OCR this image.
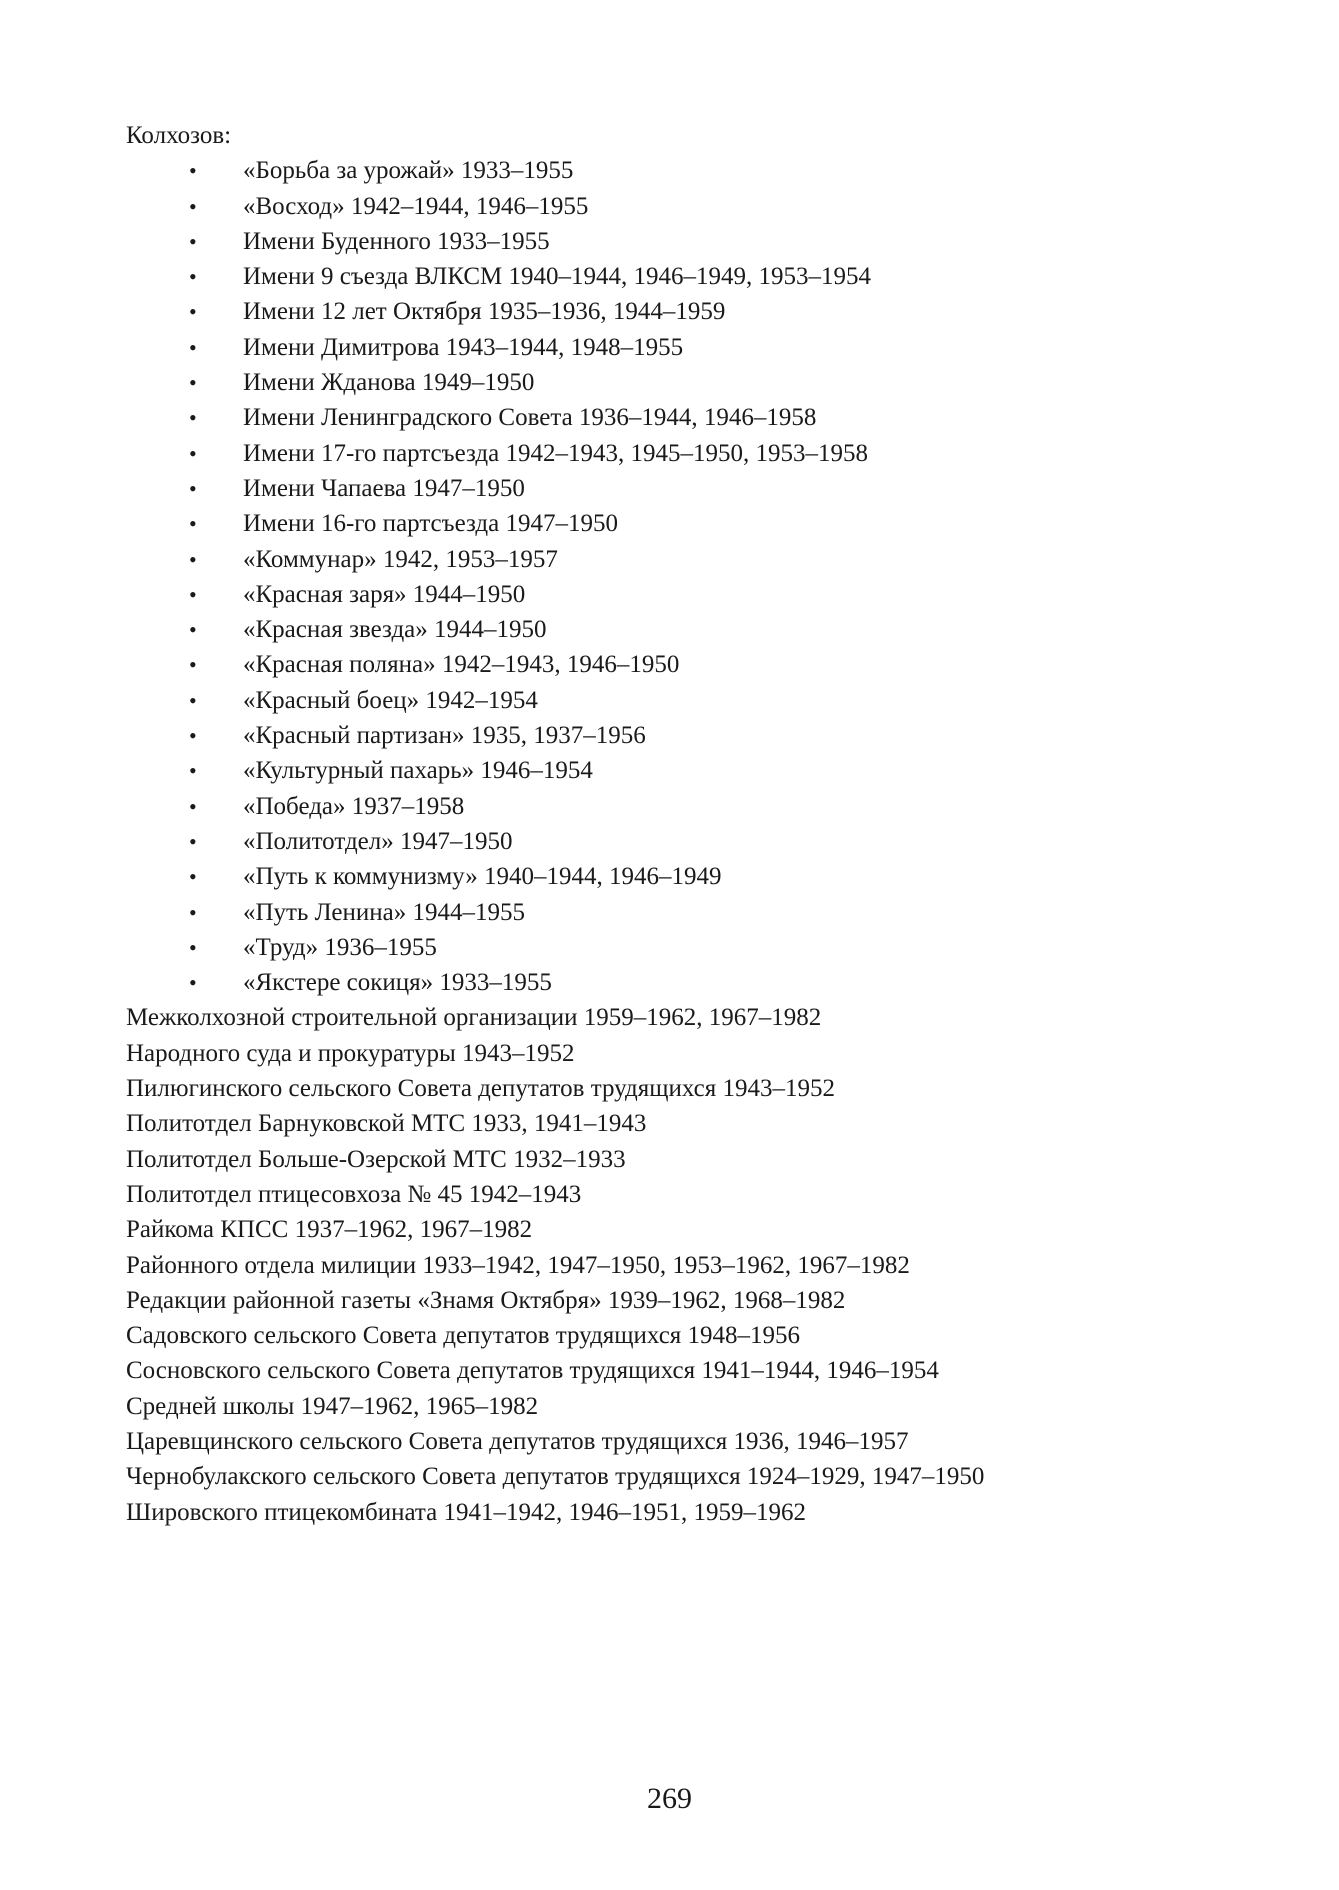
Колхозов:
• «Борьба за урожай» 1933–1955
• «Восход» 1942–1944, 1946–1955
• Имени Буденного 1933–1955
• Имени 9 съезда ВЛКСМ 1940–1944, 1946–1949, 1953–1954
• Имени 12 лет Октября 1935–1936, 1944–1959
• Имени Димитрова 1943–1944, 1948–1955
• Имени Жданова 1949–1950
• Имени Ленинградского Совета 1936–1944, 1946–1958
• Имени 17-го партсъезда 1942–1943, 1945–1950, 1953–1958
• Имени Чапаева 1947–1950
• Имени 16-го партсъезда 1947–1950
• «Коммунар» 1942, 1953–1957
• «Красная заря» 1944–1950
• «Красная звезда» 1944–1950
• «Красная поляна» 1942–1943, 1946–1950
• «Красный боец» 1942–1954
• «Красный партизан» 1935, 1937–1956
• «Культурный пахарь» 1946–1954
• «Победа» 1937–1958
• «Политотдел» 1947–1950
• «Путь к коммунизму» 1940–1944, 1946–1949
• «Путь Ленина» 1944–1955
• «Труд» 1936–1955
• «Якстере сокиця» 1933–1955
Межколхозной строительной организации 1959–1962, 1967–1982
Народного суда и прокуратуры 1943–1952
Пилюгинского сельского Совета депутатов трудящихся 1943–1952
Политотдел Барнуковской МТС 1933, 1941–1943
Политотдел Больше-Озерской МТС 1932–1933
Политотдел птицесовхоза № 45 1942–1943
Райкома КПСС 1937–1962, 1967–1982
Районного отдела милиции 1933–1942, 1947–1950, 1953–1962, 1967–1982
Редакции районной газеты «Знамя Октября» 1939–1962, 1968–1982
Садовского сельского Совета депутатов трудящихся 1948–1956
Сосновского сельского Совета депутатов трудящихся 1941–1944, 1946–1954
Средней школы 1947–1962, 1965–1982
Царевщинского сельского Совета депутатов трудящихся 1936, 1946–1957
Чернобулакского сельского Совета депутатов трудящихся 1924–1929, 1947–1950
Шировского птицекомбината 1941–1942, 1946–1951, 1959–1962
269
